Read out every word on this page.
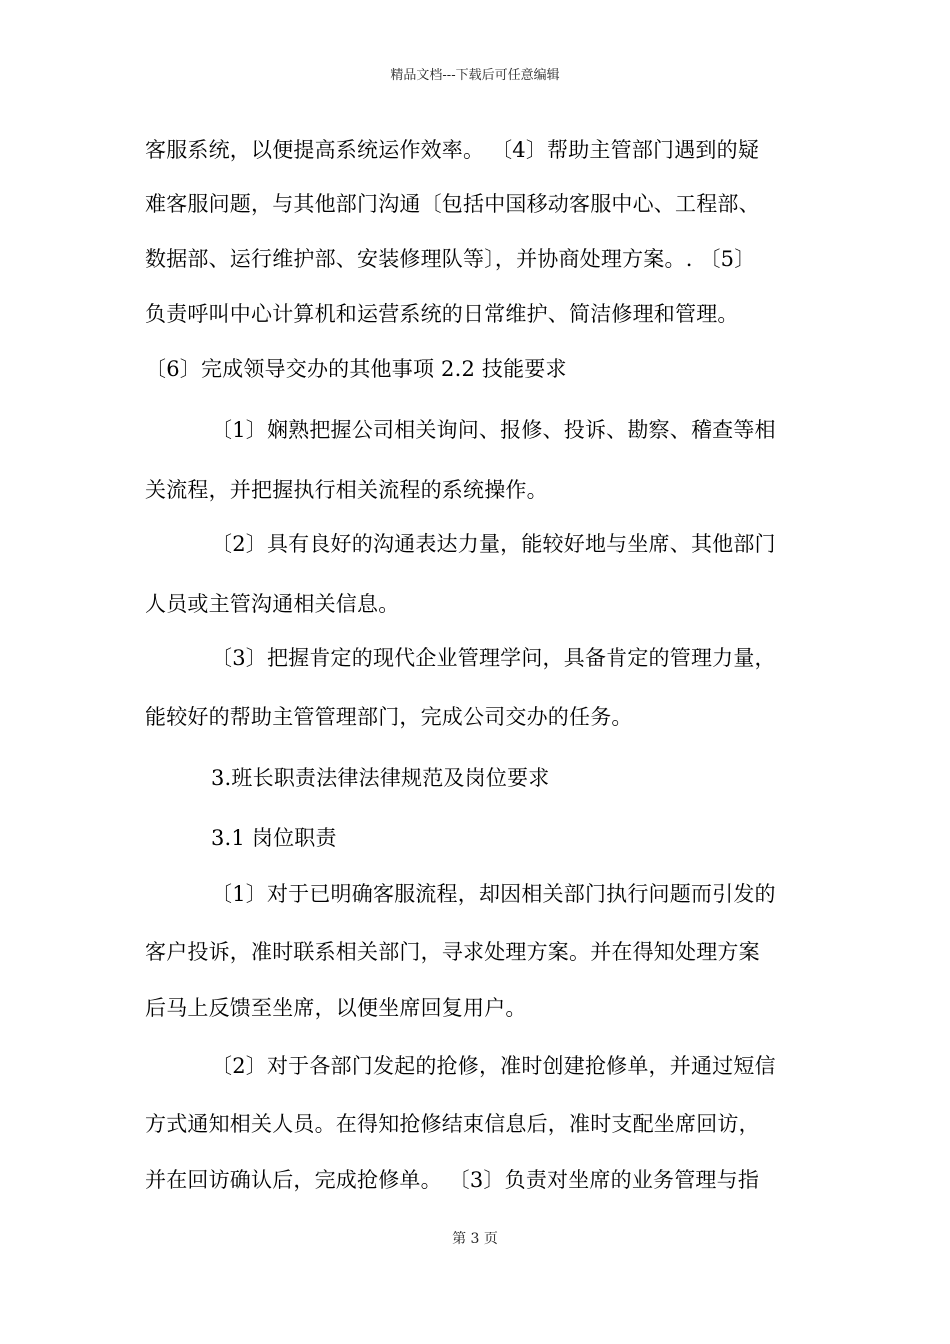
精品文档---下载后可任意编辑
客服系统，以便提高系统运作效率。 〔4〕帮助主管部门遇到的疑
难客服问题，与其他部门沟通〔包括中国移动客服中心、工程部、
数据部、运行维护部、安装修理队等〕，并协商处理方案。. 〔5〕
负责呼叫中心计算机和运营系统的日常维护、简洁修理和管理。
〔6〕完成领导交办的其他事项 2.2 技能要求
〔1〕娴熟把握公司相关询问、报修、投诉、勘察、稽查等相
关流程，并把握执行相关流程的系统操作。
〔2〕具有良好的沟通表达力量，能较好地与坐席、其他部门
人员或主管沟通相关信息。
〔3〕把握肯定的现代企业管理学问，具备肯定的管理力量，
能较好的帮助主管管理部门，完成公司交办的任务。
3.班长职责法律法律规范及岗位要求
3.1 岗位职责
〔1〕对于已明确客服流程，却因相关部门执行问题而引发的
客户投诉，准时联系相关部门，寻求处理方案。并在得知处理方案
后马上反馈至坐席，以便坐席回复用户。
〔2〕对于各部门发起的抢修，准时创建抢修单，并通过短信
方式通知相关人员。在得知抢修结束信息后，准时支配坐席回访，
并在回访确认后，完成抢修单。 〔3〕负责对坐席的业务管理与指
第 3 页
